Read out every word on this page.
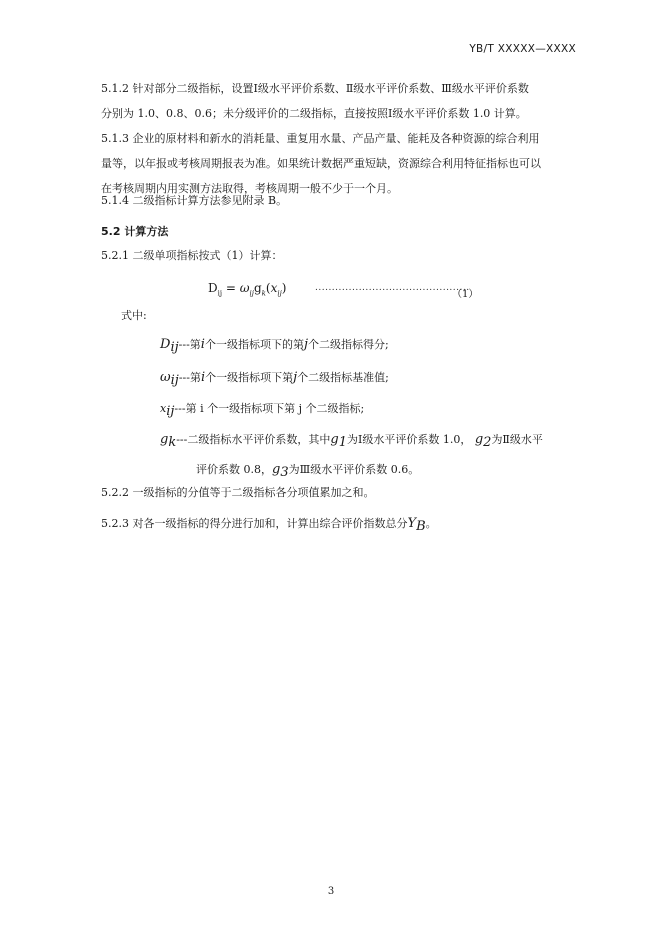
YB/T XXXXX—XXXX
5.1.2 针对部分二级指标，设置Ⅰ级水平评价系数、Ⅱ级水平评价系数、Ⅲ级水平评价系数
分别为 1.0、0.8、0.6；未分级评价的二级指标，直接按照Ⅰ级水平评价系数 1.0 计算。
5.1.3 企业的原材料和新水的消耗量、重复用水量、产品产量、能耗及各种资源的综合利用
量等，以年报或考核周期报表为准。如果统计数据严重短缺，资源综合利用特征指标也可以
在考核周期内用实测方法取得，考核周期一般不少于一个月。
5.1.4 二级指标计算方法参见附录 B。
5.2 计算方法
5.2.1 二级单项指标按式（1）计算：
$D_{ij} = \omega_{ij}g_k(x_{ij})$	..............................................
（1）
式中:
$D_{ij}---$第i个一级指标项下的第j个二级指标得分;
$\omega_{ij}---$第i个一级指标项下第j个二级指标基准值;
$x_{ij}---$第 i 个一级指标项下第 j 个二级指标;
$g_k---$二级指标水平评价系数，其中$g_1$为Ⅰ级水平评价系数 1.0， $g_2$为Ⅱ级水平
评价系数 0.8，$g_3$为Ⅲ级水平评价系数 0.6。
5.2.2 一级指标的分值等于二级指标各分项值累加之和。
5.2.3 对各一级指标的得分进行加和，计算出综合评价指数总分$Y_B$。
3
